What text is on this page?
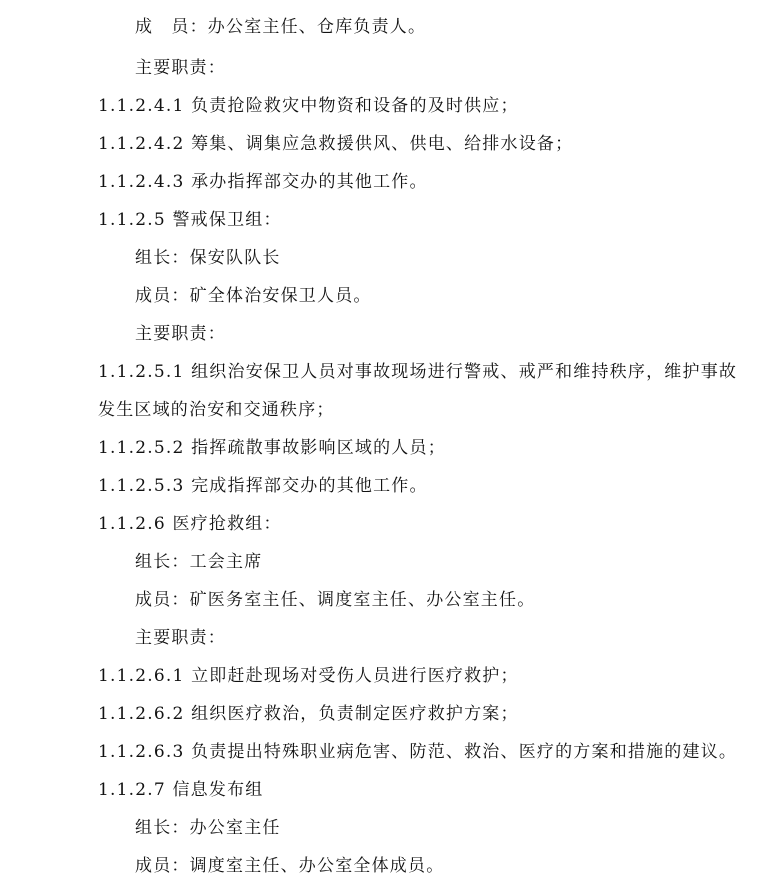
成　员：办公室主任、仓库负责人。
主要职责：
1.1.2.4.1 负责抢险救灾中物资和设备的及时供应；
1.1.2.4.2 筹集、调集应急救援供风、供电、给排水设备；
1.1.2.4.3 承办指挥部交办的其他工作。
1.1.2.5 警戒保卫组：
组长：保安队队长
成员：矿全体治安保卫人员。
主要职责：
1.1.2.5.1 组织治安保卫人员对事故现场进行警戒、戒严和维持秩序，维护事故
发生区域的治安和交通秩序；
1.1.2.5.2 指挥疏散事故影响区域的人员；
1.1.2.5.3 完成指挥部交办的其他工作。
1.1.2.6 医疗抢救组：
组长：工会主席
成员：矿医务室主任、调度室主任、办公室主任。
主要职责：
1.1.2.6.1 立即赶赴现场对受伤人员进行医疗救护；
1.1.2.6.2 组织医疗救治，负责制定医疗救护方案；
1.1.2.6.3 负责提出特殊职业病危害、防范、救治、医疗的方案和措施的建议。
1.1.2.7 信息发布组
组长：办公室主任
成员：调度室主任、办公室全体成员。
